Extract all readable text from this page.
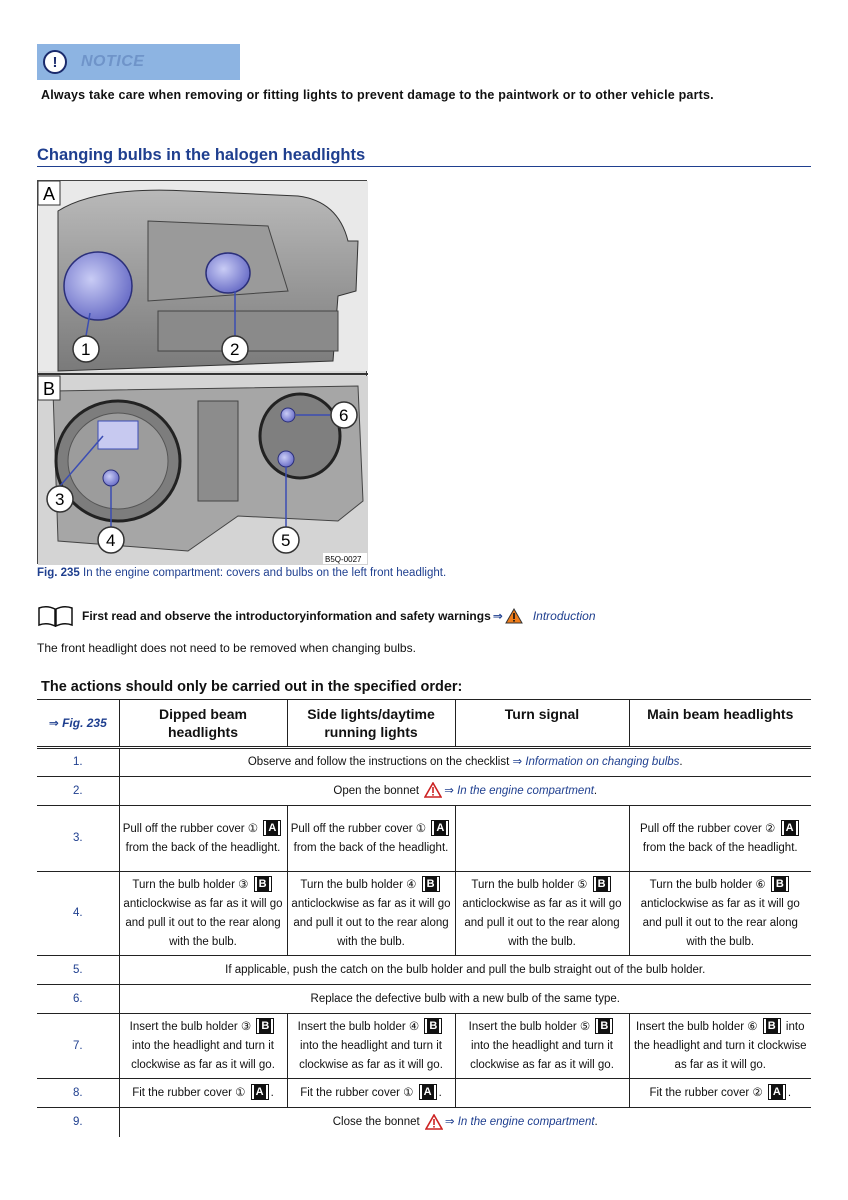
!	NOTICE
Always take care when removing or fitting lights to prevent damage to the paintwork or to other vehicle parts.
Changing bulbs in the halogen headlights
1	2
A
3
4	5
6
B
B5Q-0027
Fig. 235 In the engine compartment: covers and bulbs on the left front headlight.
First read and observe the introductoryinformation and safety warnings ⇒	Introduction
The front headlight does not need to be removed when changing bulbs.
The actions should only be carried out in the specified order:
⇒ Fig. 235	Dipped beam headlights	Side lights/daytime running lights	Turn signal	Main beam headlights
1.	Observe and follow the instructions on the checklist ⇒ Information on changing bulbs.			
2.	Open the bonnet ⇒ In the engine compartment.			
3.	Pull off the rubber cover ① A from the back of the headlight.	Pull off the rubber cover ① A from the back of the headlight.		Pull off the rubber cover ② A from the back of the headlight.
4.	Turn the bulb holder ③ B anticlockwise as far as it will go and pull it out to the rear along with the bulb.	Turn the bulb holder ④ B anticlockwise as far as it will go and pull it out to the rear along with the bulb.	Turn the bulb holder ⑤ B anticlockwise as far as it will go and pull it out to the rear along with the bulb.	Turn the bulb holder ⑥ B anticlockwise as far as it will go and pull it out to the rear along with the bulb.
5.	If applicable, push the catch on the bulb holder and pull the bulb straight out of the bulb holder.			
6.	Replace the defective bulb with a new bulb of the same type.			
7.	Insert the bulb holder ③ B into the headlight and turn it clockwise as far as it will go.	Insert the bulb holder ④ B into the headlight and turn it clockwise as far as it will go.	Insert the bulb holder ⑤ B into the headlight and turn it clockwise as far as it will go.	Insert the bulb holder ⑥ B into the headlight and turn it clockwise as far as it will go.
8.	Fit the rubber cover ① A .	Fit the rubber cover ① A .		Fit the rubber cover ② A .
9.	Close the bonnet ⇒ In the engine compartment.			
